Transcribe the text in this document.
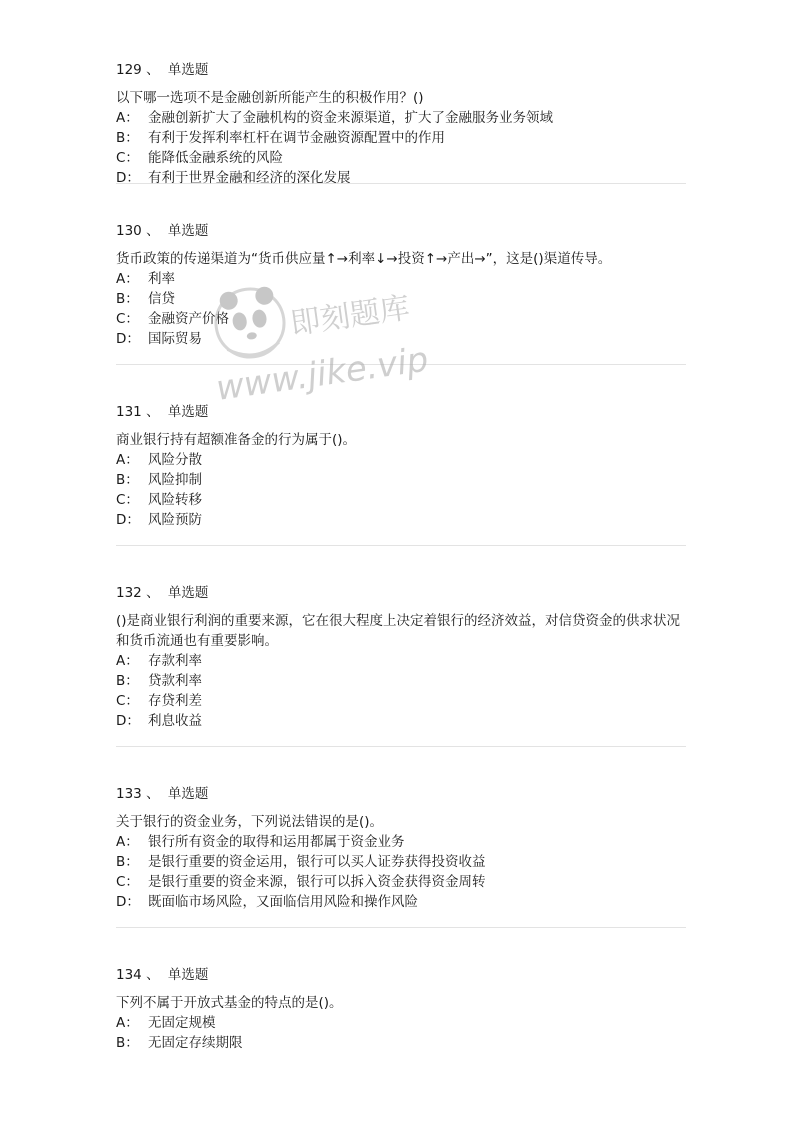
129 、 单选题
以下哪一选项不是金融创新所能产生的积极作用？()
A： 金融创新扩大了金融机构的资金来源渠道，扩大了金融服务业务领域
B： 有利于发挥利率杠杆在调节金融资源配置中的作用
C： 能降低金融系统的风险
D： 有利于世界金融和经济的深化发展
130 、 单选题
货币政策的传递渠道为“货币供应量↑→利率↓→投资↑→产出→”，这是()渠道传导。
A： 利率
B： 信贷
C： 金融资产价格
D： 国际贸易
131 、 单选题
商业银行持有超额准备金的行为属于()。
A： 风险分散
B： 风险抑制
C： 风险转移
D： 风险预防
132 、 单选题
()是商业银行利润的重要来源，它在很大程度上决定着银行的经济效益，对信贷资金的供求状况和货币流通也有重要影响。
A： 存款利率
B： 贷款利率
C： 存贷利差
D： 利息收益
133 、 单选题
关于银行的资金业务，下列说法错误的是()。
A： 银行所有资金的取得和运用都属于资金业务
B： 是银行重要的资金运用，银行可以买人证券获得投资收益
C： 是银行重要的资金来源，银行可以拆入资金获得资金周转
D： 既面临市场风险，又面临信用风险和操作风险
134 、 单选题
下列不属于开放式基金的特点的是()。
A： 无固定规模
B： 无固定存续期限
即刻题库
www.jike.vip
